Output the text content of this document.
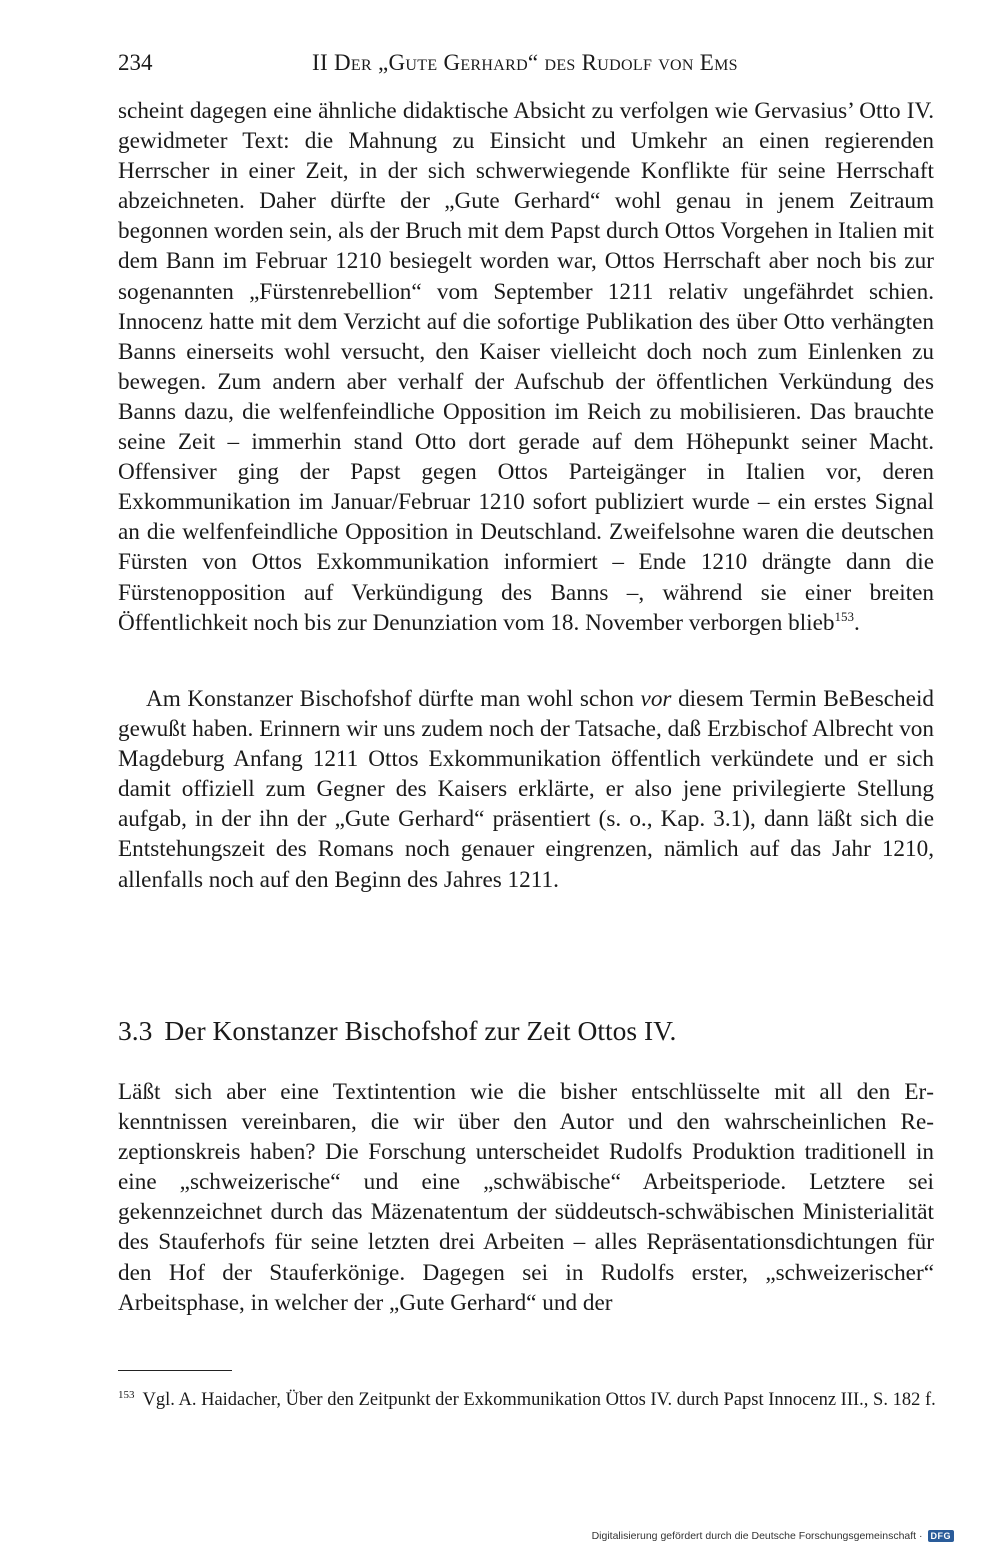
234	II Der „Gute Gerhard“ des Rudolf von Ems

scheint dagegen eine ähnliche didaktische Absicht zu verfolgen wie Gervasius’ Otto IV. gewidmeter Text: die Mahnung zu Einsicht und Umkehr an einen regierenden Herrscher in einer Zeit, in der sich schwerwiegende Konflikte für seine Herrschaft abzeichneten. Daher dürfte der „Gute Gerhard“ wohl genau in jenem Zeitraum begonnen worden sein, als der Bruch mit dem Papst durch Ottos Vorgehen in Italien mit dem Bann im Februar 1210 besiegelt worden war, Ottos Herrschaft aber noch bis zur sogenannten „Fürstenrebellion“ vom September 1211 relativ ungefährdet schien. Innocenz hatte mit dem Verzicht auf die sofortige Publikation des über Otto verhängten Banns einerseits wohl versucht, den Kaiser vielleicht doch noch zum Einlenken zu bewegen. Zum andern aber verhalf der Aufschub der öffentlichen Verkündung des Banns dazu, die welfenfeindliche Opposition im Reich zu mobilisieren. Das brauchte seine Zeit – immerhin stand Otto dort gerade auf dem Höhepunkt seiner Macht. Offensiver ging der Papst gegen Ottos Parteigänger in Italien vor, deren Exkommunikation im Januar/Februar 1210 sofort publiziert wurde – ein erstes Signal an die welfenfeindliche Opposition in Deutschland. Zweifelsohne waren die deutschen Fürsten von Ottos Exkommunikation informiert – Ende 1210 drängte dann die Fürstenopposition auf Verkündigung des Banns –, während sie einer breiten Öffentlichkeit noch bis zur Denunziation vom 18. November verborgen blieb$^{153}$.

Am Konstanzer Bischofshof dürfte man wohl schon vor diesem Termin BeBescheid gewußt haben. Erinnern wir uns zudem noch der Tatsache, daß Erzbischof Albrecht von Magdeburg Anfang 1211 Ottos Exkommunikation öffentlich verkündete und er sich damit offiziell zum Gegner des Kaisers erklärte, er also jene privilegierte Stellung aufgab, in der ihn der „Gute Gerhard“ präsentiert (s. o., Kap. 3.1), dann läßt sich die Entstehungszeit des Romans noch genauer eingrenzen, nämlich auf das Jahr 1210, allenfalls noch auf den Beginn des Jahres 1211.

3.3 Der Konstanzer Bischofshof zur Zeit Ottos IV.

Läßt sich aber eine Textintention wie die bisher entschlüsselte mit all den Erkenntnissen vereinbaren, die wir über den Autor und den wahrscheinlichen Rezeptionskreis haben? Die Forschung unterscheidet Rudolfs Produktion traditionell in eine „schweizerische“ und eine „schwäbische“ Arbeitsperiode. Letztere sei gekennzeichnet durch das Mäzenatentum der süddeutsch-schwäbischen Ministerialität des Stauferhofs für seine letzten drei Arbeiten – alles Repräsentationsdichtungen für den Hof der Stauferkönige. Dagegen sei in Rudolfs erster, „schweizerischer“ Arbeitsphase, in welcher der „Gute Gerhard“ und der

$^{153}$ Vgl. A. Haidacher, Über den Zeitpunkt der Exkommunikation Ottos IV. durch Papst Innocenz III., S. 182 f.
Digitalisierung gefördert durch die Deutsche Forschungsgemeinschaft · DFG
